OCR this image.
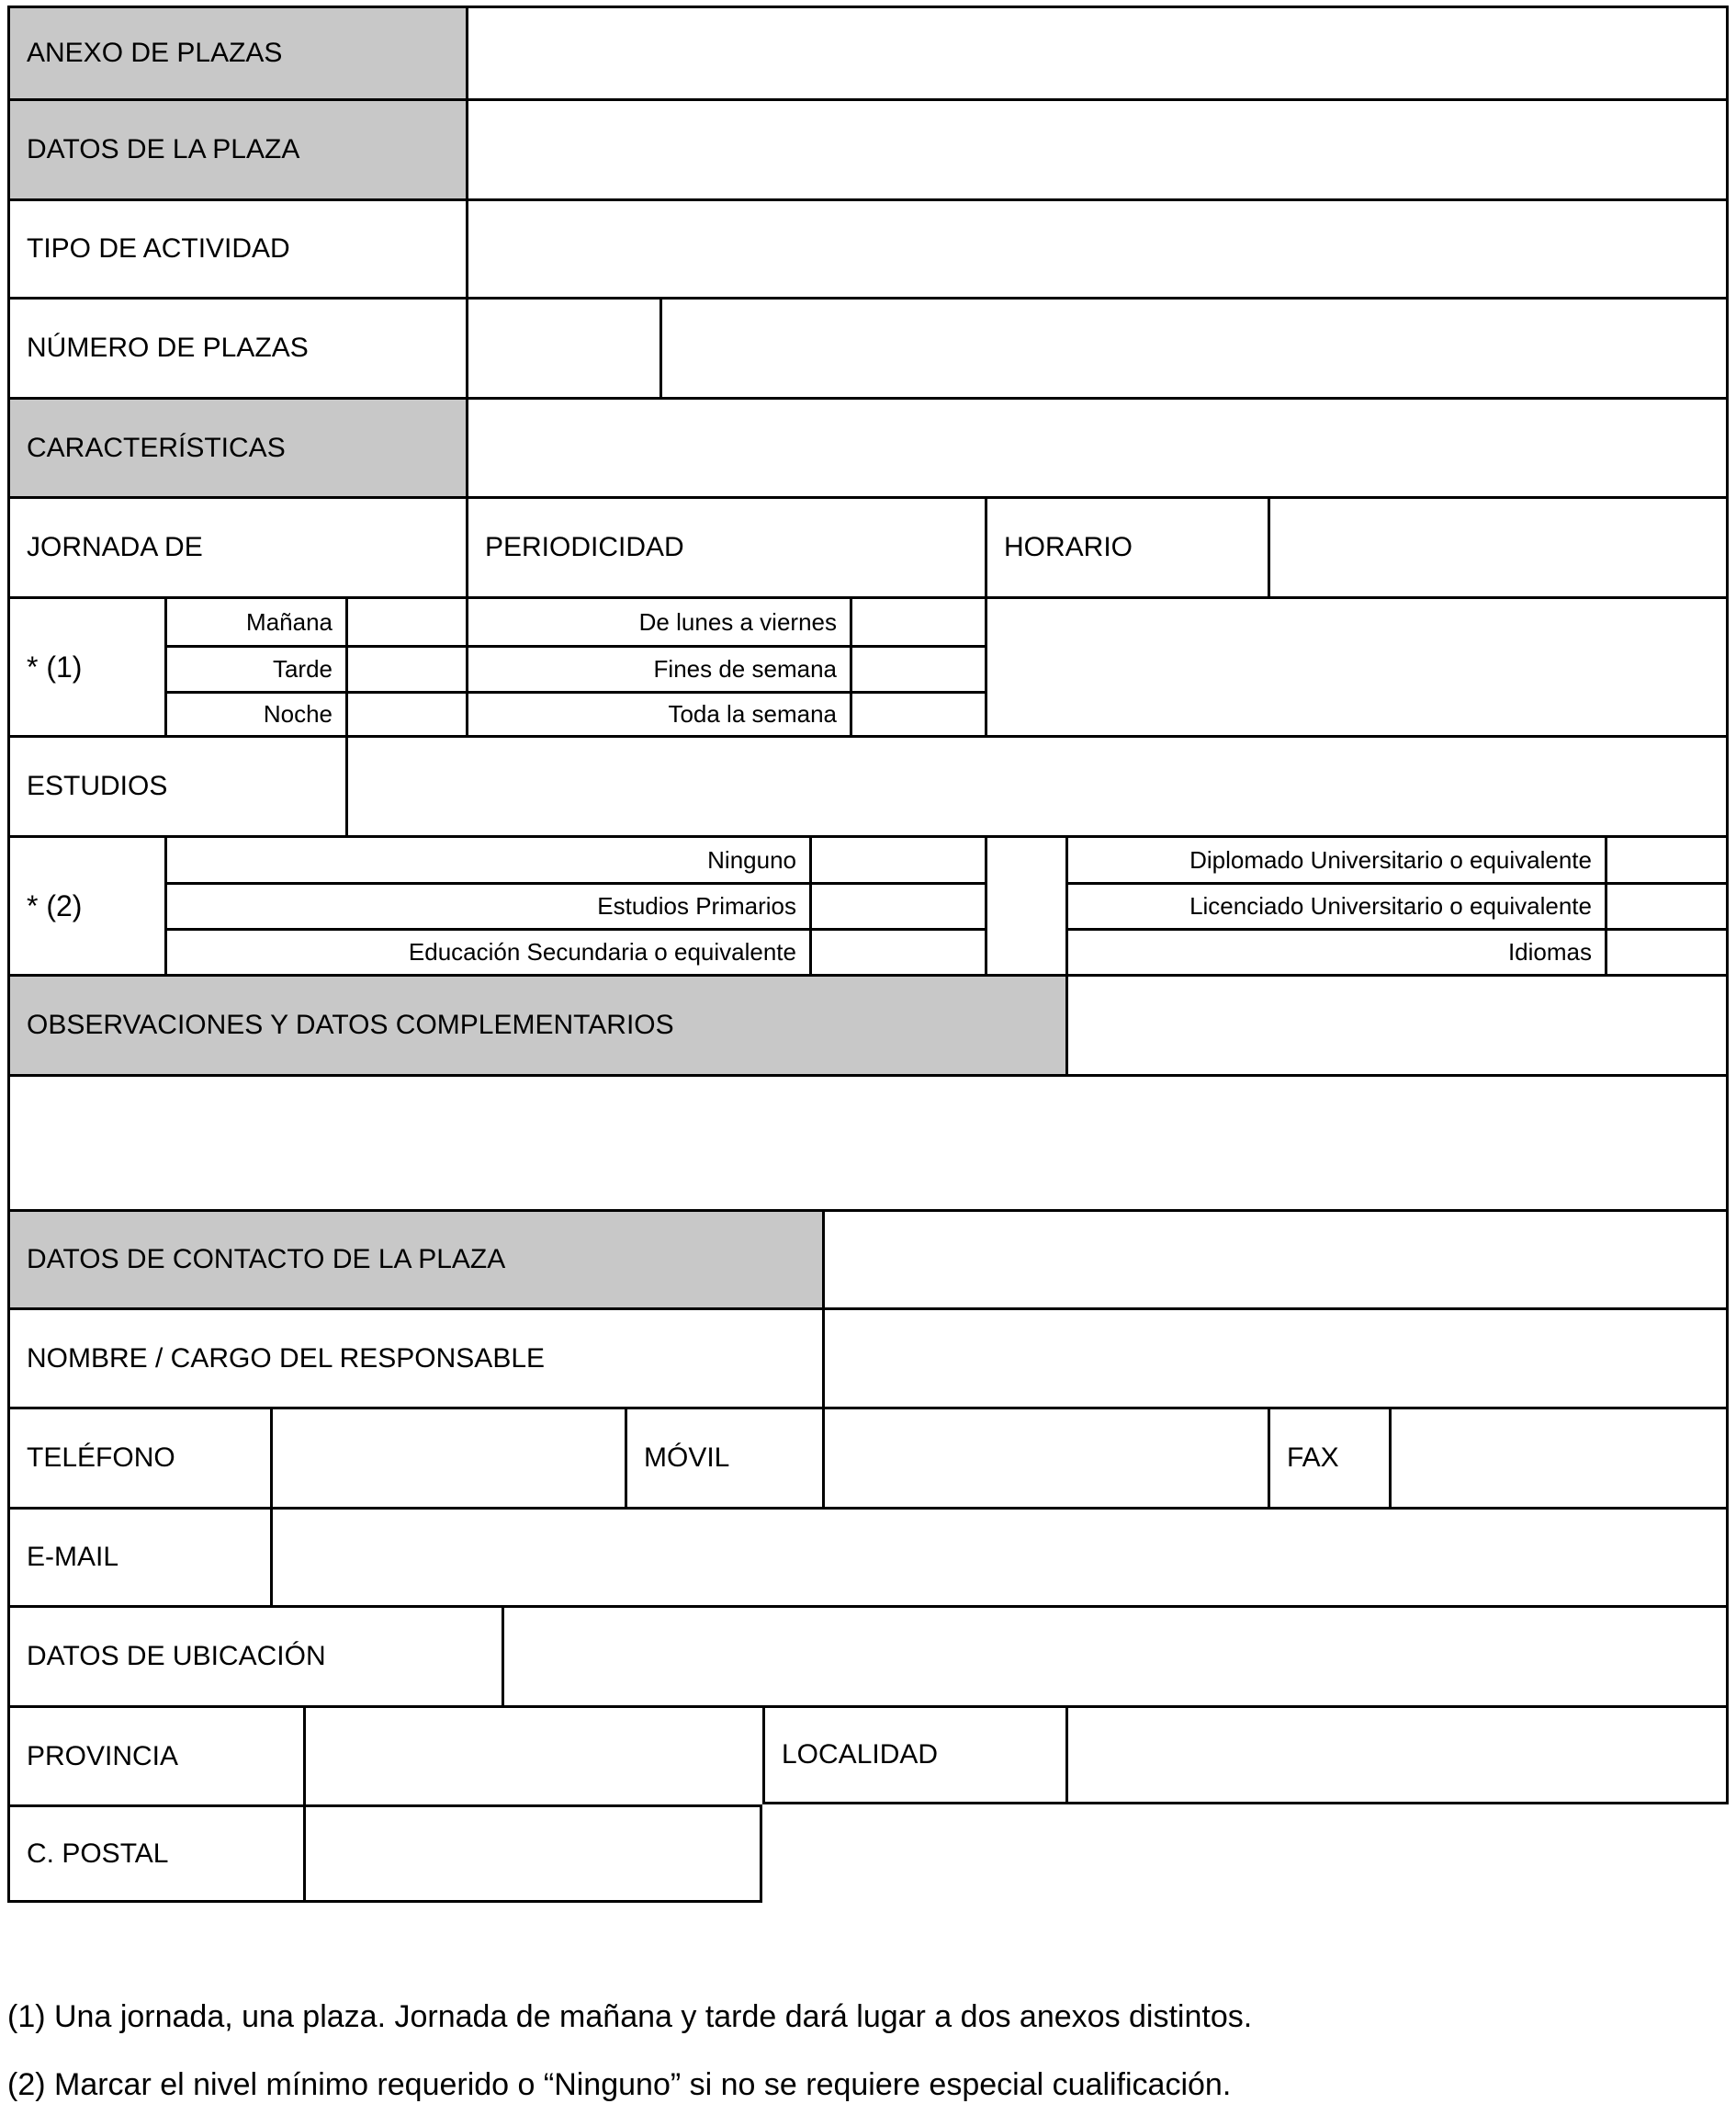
ANEXO DE PLAZAS
DATOS DE LA PLAZA
TIPO DE ACTIVIDAD
NÚMERO DE PLAZAS
CARACTERÍSTICAS
JORNADA DE	PERIODICIDAD	HORARIO
* (1)
Mañana	De lunes a viernes
Tarde	Fines de semana
Noche	Toda la semana
ESTUDIOS
* (2)
Ninguno	Diplomado Universitario o equivalente
Estudios Primarios	Licenciado Universitario o equivalente
Educación Secundaria o equivalente	Idiomas
OBSERVACIONES Y DATOS COMPLEMENTARIOS
DATOS DE CONTACTO DE LA PLAZA
NOMBRE / CARGO DEL RESPONSABLE
TELÉFONO	MÓVIL	FAX
E-MAIL
DATOS DE UBICACIÓN
PROVINCIA	LOCALIDAD
C. POSTAL
(1) Una jornada, una plaza. Jornada de mañana y tarde dará lugar a dos anexos distintos.
(2) Marcar el nivel mínimo requerido o “Ninguno” si no se requiere especial cualificación.
